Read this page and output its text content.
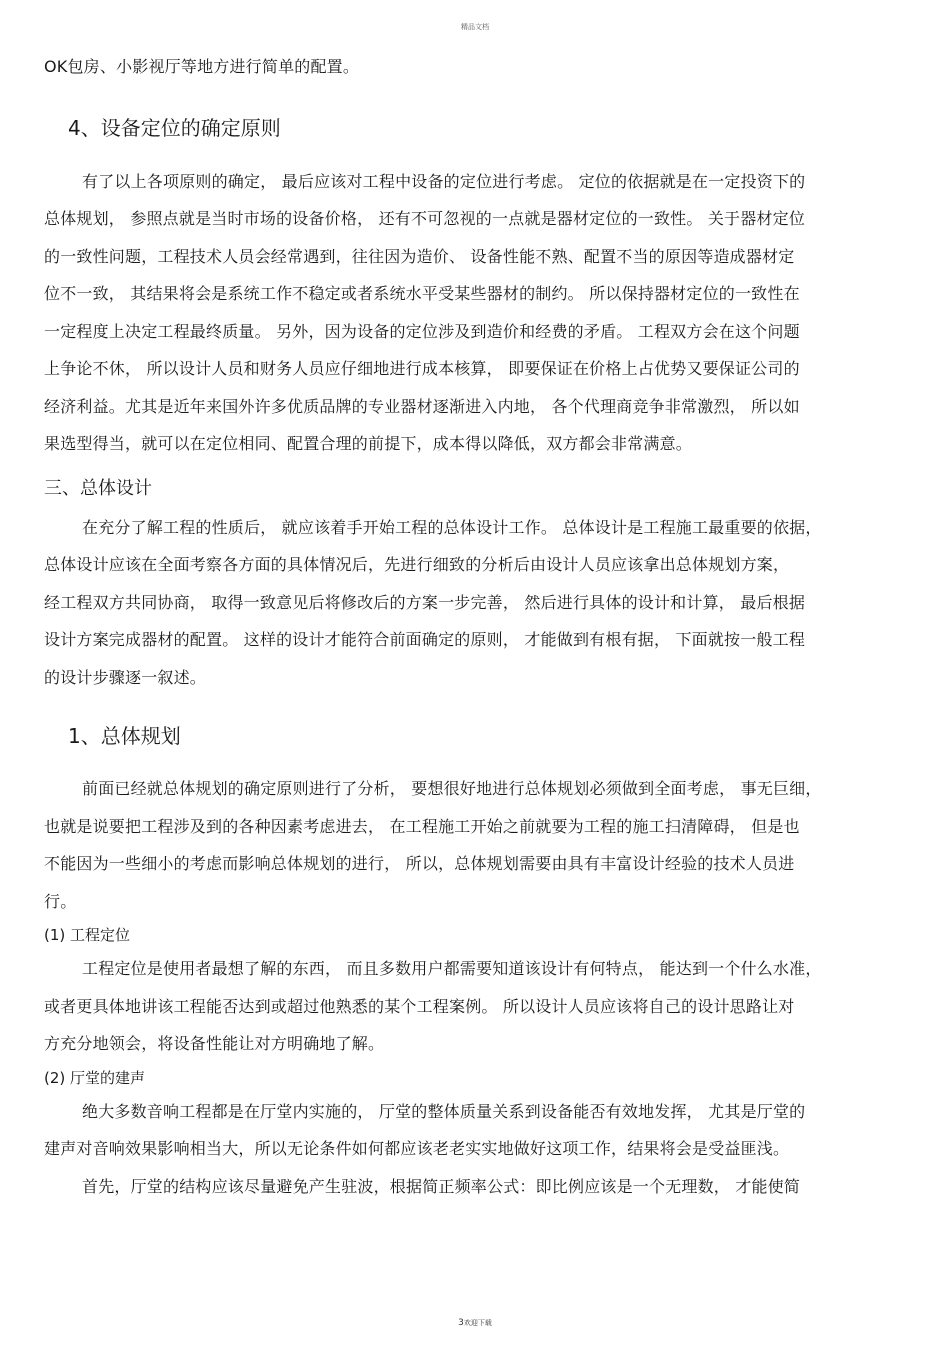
精品文档

OK包房、小影视厅等地方进行简单的配置。

4、设备定位的确定原则

有了以上各项原则的确定， 最后应该对工程中设备的定位进行考虑。 定位的依据就是在一定投资下的
总体规划， 参照点就是当时市场的设备价格， 还有不可忽视的一点就是器材定位的一致性。 关于器材定位
的一致性问题，工程技术人员会经常遇到，往往因为造价、 设备性能不熟、配置不当的原因等造成器材定
位不一致， 其结果将会是系统工作不稳定或者系统水平受某些器材的制约。 所以保持器材定位的一致性在
一定程度上决定工程最终质量。 另外，因为设备的定位涉及到造价和经费的矛盾。 工程双方会在这个问题
上争论不休， 所以设计人员和财务人员应仔细地进行成本核算， 即要保证在价格上占优势又要保证公司的
经济利益。尤其是近年来国外许多优质品牌的专业器材逐渐进入内地， 各个代理商竞争非常激烈， 所以如
果选型得当，就可以在定位相同、配置合理的前提下，成本得以降低，双方都会非常满意。

三、总体设计

在充分了解工程的性质后， 就应该着手开始工程的总体设计工作。 总体设计是工程施工最重要的依据，
总体设计应该在全面考察各方面的具体情况后，先进行细致的分析后由设计人员应该拿出总体规划方案，
经工程双方共同协商， 取得一致意见后将修改后的方案一步完善， 然后进行具体的设计和计算， 最后根据
设计方案完成器材的配置。 这样的设计才能符合前面确定的原则， 才能做到有根有据， 下面就按一般工程
的设计步骤逐一叙述。

1、总体规划

前面已经就总体规划的确定原则进行了分析， 要想很好地进行总体规划必须做到全面考虑， 事无巨细，
也就是说要把工程涉及到的各种因素考虑进去， 在工程施工开始之前就要为工程的施工扫清障碍， 但是也
不能因为一些细小的考虑而影响总体规划的进行， 所以，总体规划需要由具有丰富设计经验的技术人员进
行。

(1) 工程定位

工程定位是使用者最想了解的东西， 而且多数用户都需要知道该设计有何特点， 能达到一个什么水准，
或者更具体地讲该工程能否达到或超过他熟悉的某个工程案例。 所以设计人员应该将自己的设计思路让对
方充分地领会，将设备性能让对方明确地了解。

(2) 厅堂的建声

绝大多数音响工程都是在厅堂内实施的， 厅堂的整体质量关系到设备能否有效地发挥， 尤其是厅堂的
建声对音响效果影响相当大，所以无论条件如何都应该老老实实地做好这项工作，结果将会是受益匪浅。
首先，厅堂的结构应该尽量避免产生驻波，根据简正频率公式：即比例应该是一个无理数， 才能使简
3欢迎下载
